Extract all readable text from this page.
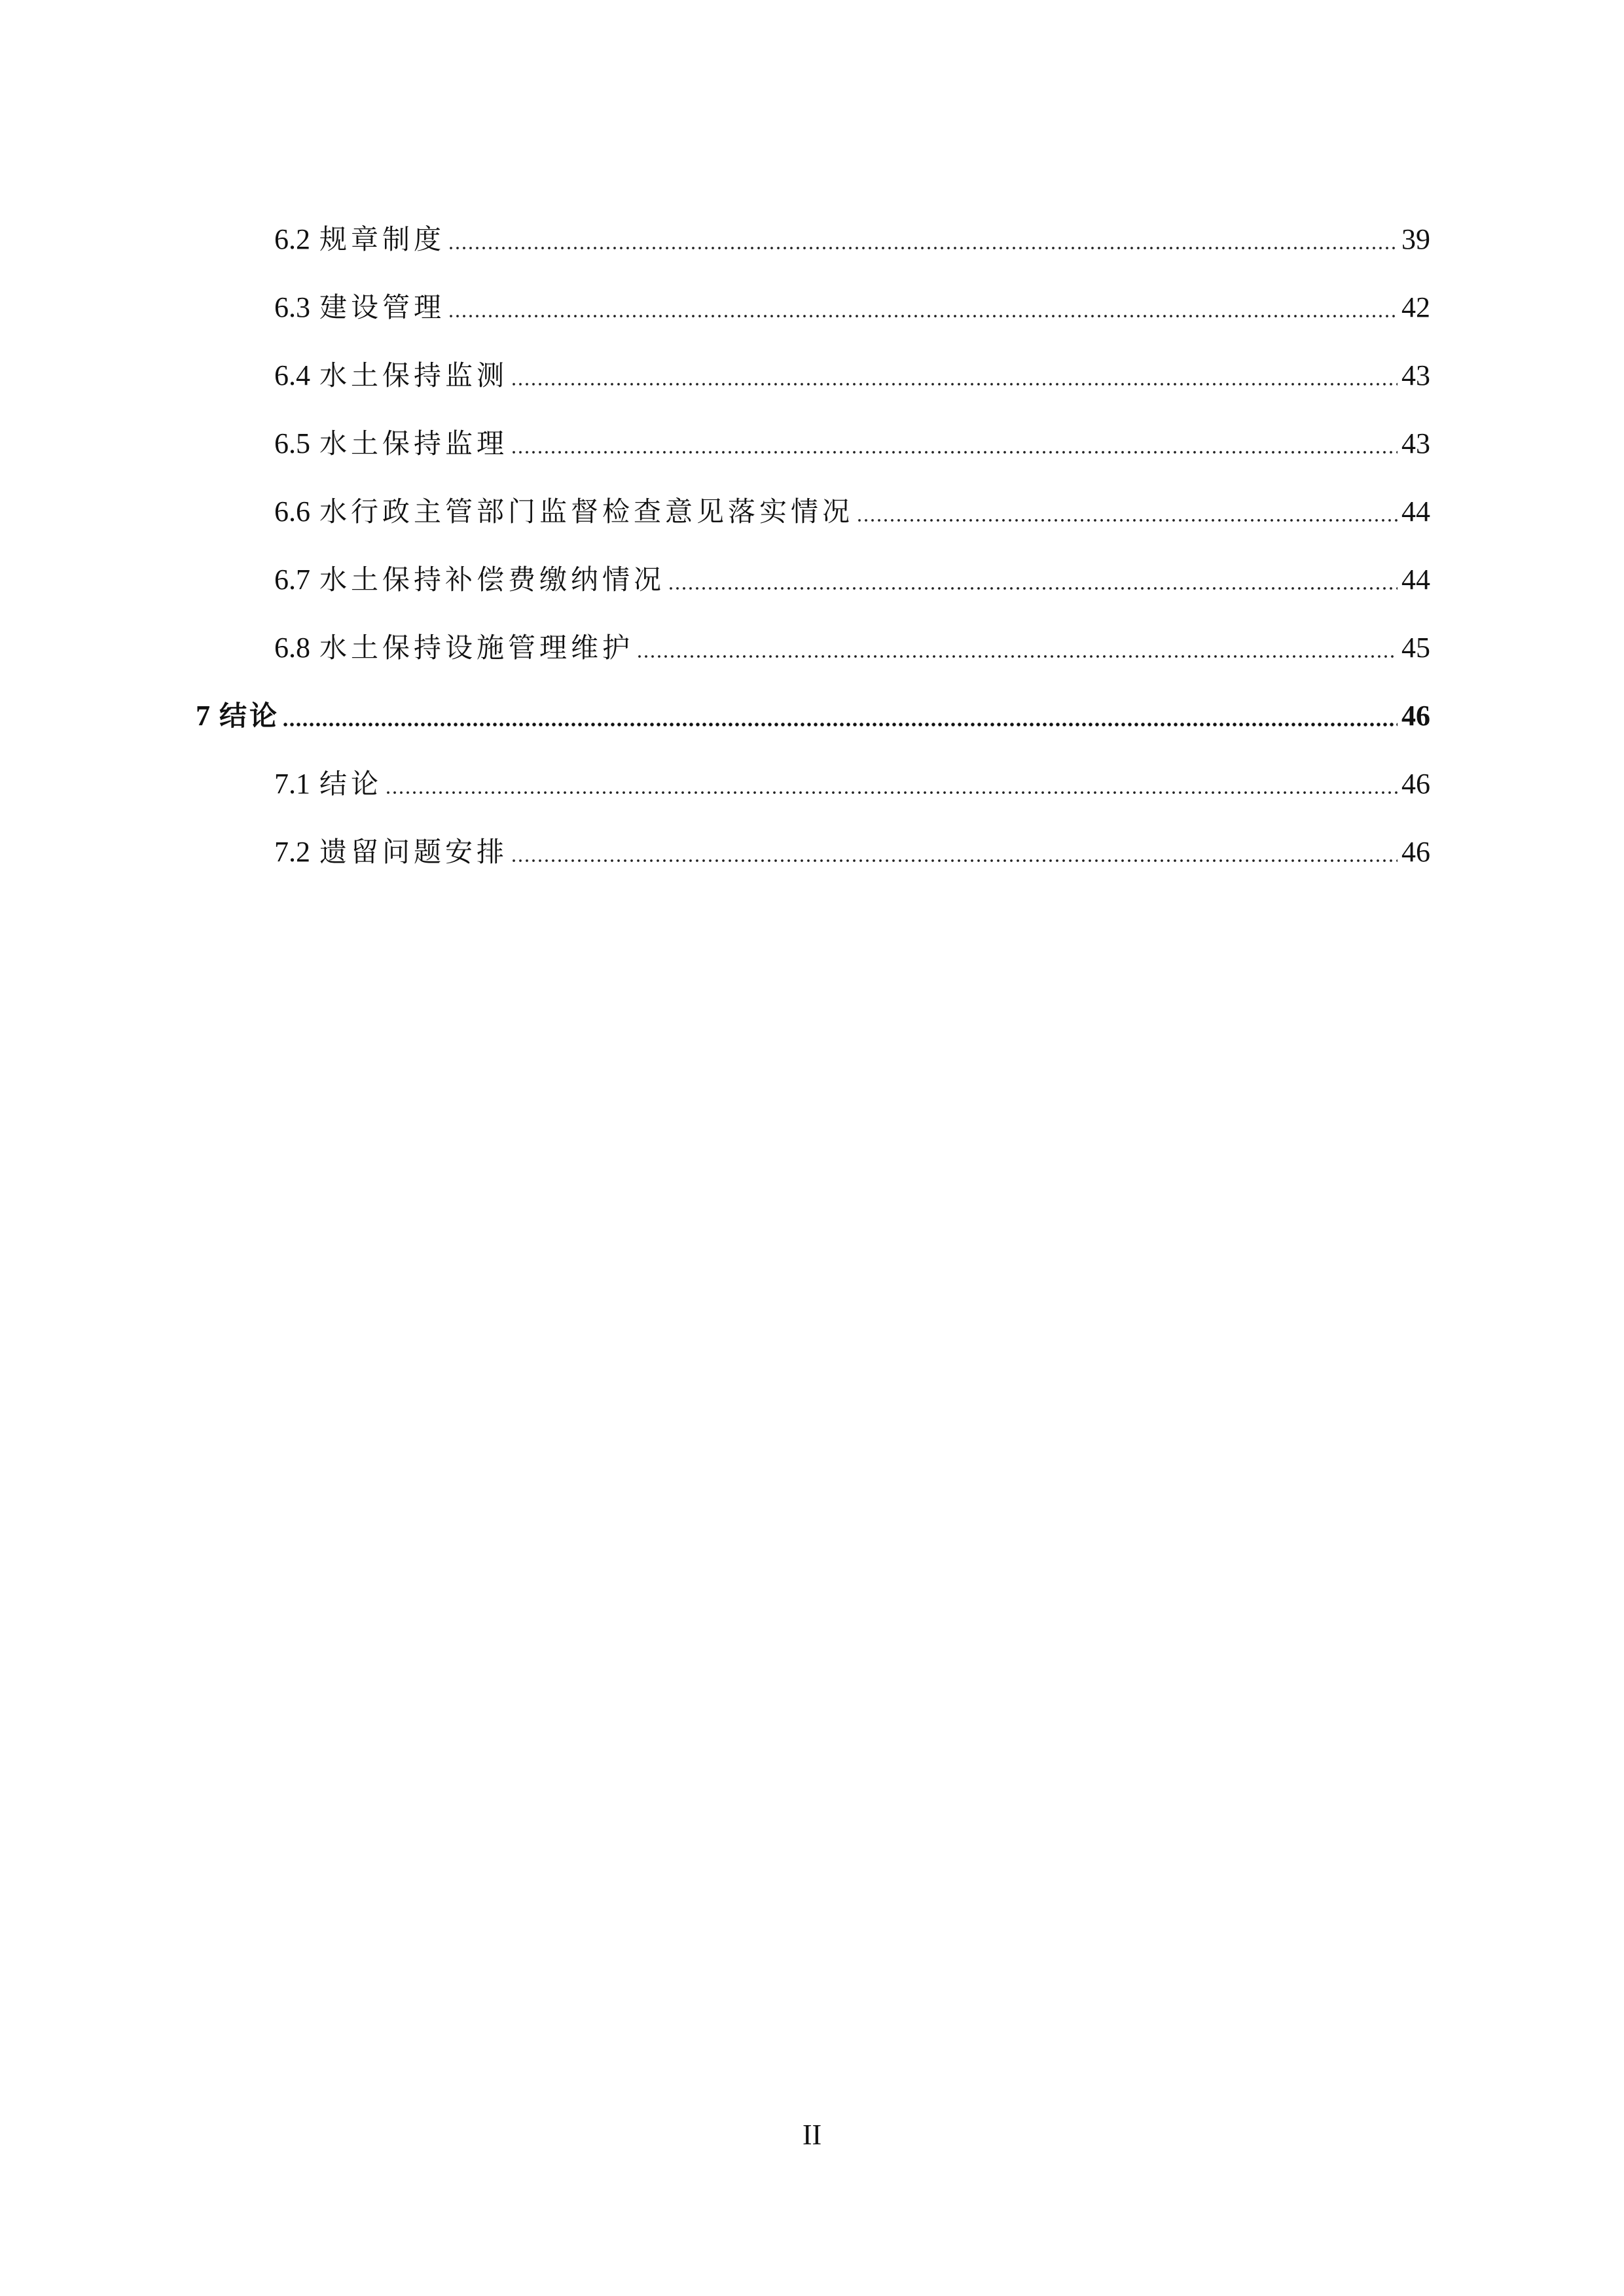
6.2 规章制度	39
6.3 建设管理	42
6.4 水土保持监测	43
6.5 水土保持监理	43
6.6 水行政主管部门监督检查意见落实情况	44
6.7 水土保持补偿费缴纳情况	44
6.8 水土保持设施管理维护	45
7 结论	46
7.1 结论	46
7.2 遗留问题安排	46
II
